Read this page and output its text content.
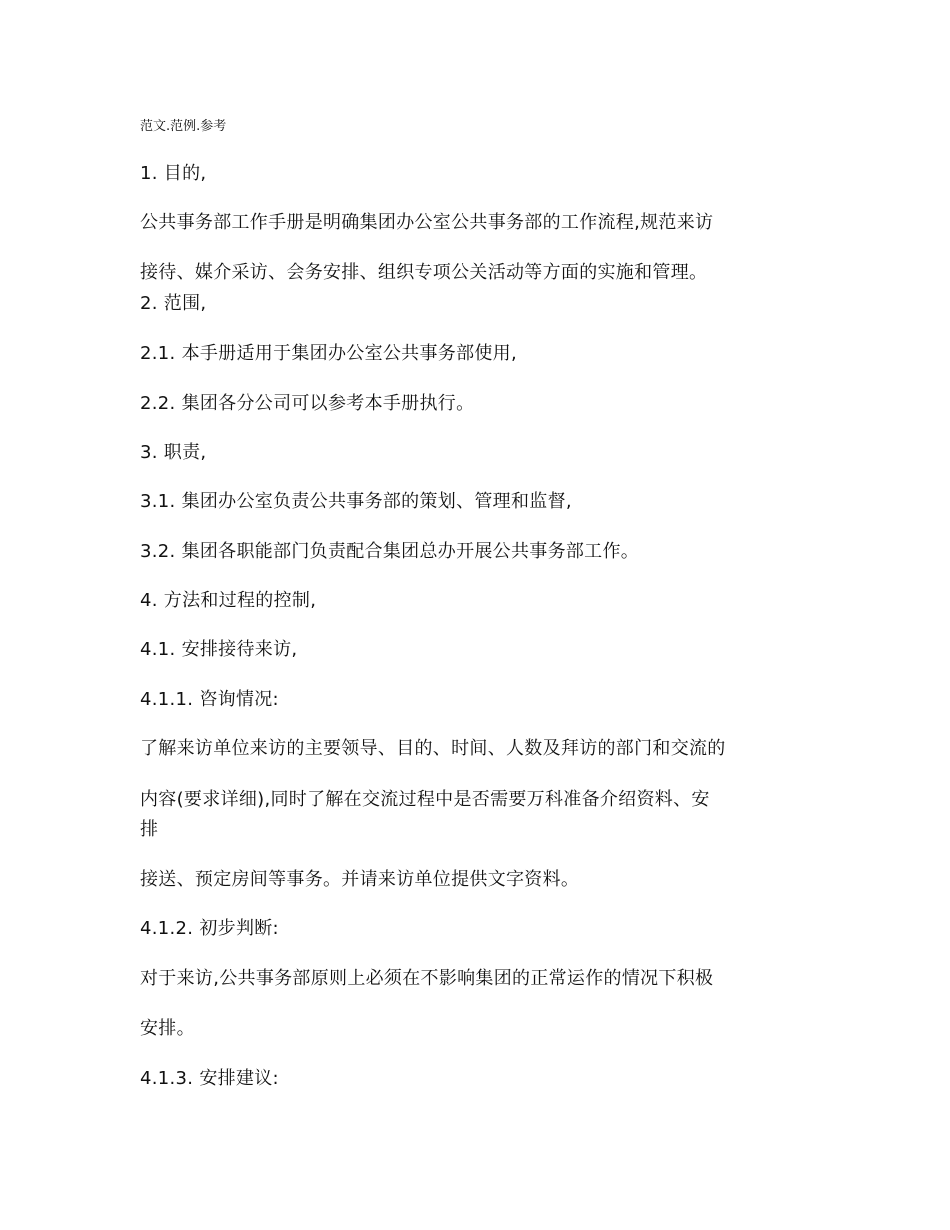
范文.范例.参考
1. 目的,
公共事务部工作手册是明确集团办公室公共事务部的工作流程,规范来访
接待、媒介采访、会务安排、组织专项公关活动等方面的实施和管理。
2. 范围,
2.1. 本手册适用于集团办公室公共事务部使用,
2.2. 集团各分公司可以参考本手册执行。
3. 职责,
3.1. 集团办公室负责公共事务部的策划、管理和监督,
3.2. 集团各职能部门负责配合集团总办开展公共事务部工作。
4. 方法和过程的控制,
4.1. 安排接待来访,
4.1.1. 咨询情况:
了解来访单位来访的主要领导、目的、时间、人数及拜访的部门和交流的
内容(要求详细),同时了解在交流过程中是否需要万科准备介绍资料、安
排
接送、预定房间等事务。并请来访单位提供文字资料。
4.1.2. 初步判断:
对于来访,公共事务部原则上必须在不影响集团的正常运作的情况下积极
安排。
4.1.3. 安排建议:
